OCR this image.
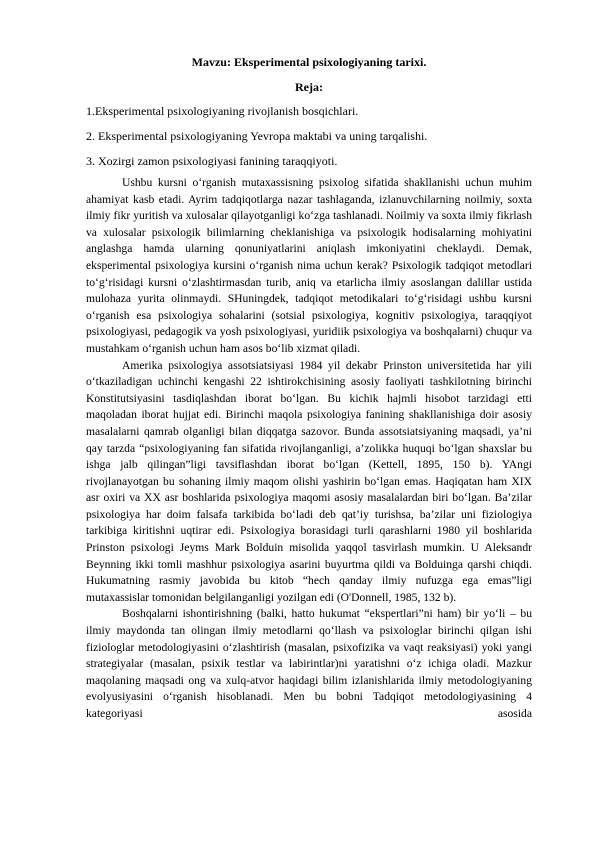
Mavzu: Eksperimental psixologiyaning tarixi.
Reja:
1.Eksperimental psixologiyaning rivojlanish bosqichlari.
2. Eksperimental psixologiyaning Yevropa maktabi va uning tarqalishi.
3. Xozirgi zamon psixologiyasi fanining taraqqiyoti.

Ushbu kursni o‘rganish mutaxassisning psixolog sifatida shakllanishi uchun muhim ahamiyat kasb etadi. Ayrim tadqiqotlarga nazar tashlaganda, izlanuvchilarning noilmiy, soxta ilmiy fikr yuritish va xulosalar qilayotganligi ko‘zga tashlanadi. Noilmiy va soxta ilmiy fikrlash va xulosalar psixologik bilimlarning cheklanishiga va psixologik hodisalarning mohiyatini anglashga hamda ularning qonuniyatlarini aniqlash imkoniyatini cheklaydi. Demak, eksperimental psixologiya kursini o‘rganish nima uchun kerak? Psixologik tadqiqot metodlari to‘g‘risidagi kursni o‘zlashtirmasdan turib, aniq va etarlicha ilmiy asoslangan dalillar ustida mulohaza yurita olinmaydi. SHuningdek, tadqiqot metodikalari to‘g‘risidagi ushbu kursni o‘rganish esa psixologiya sohalarini (sotsial psixologiya, kognitiv psixologiya, taraqqiyot psixologiyasi, pedagogik va yosh psixologiyasi, yuridiik psixologiya va boshqalarni) chuqur va mustahkam o‘rganish uchun ham asos bo‘lib xizmat qiladi.

Amerika psixologiya assotsiatsiyasi 1984 yil dekabr Prinston universitetida har yili o‘tkaziladigan uchinchi kengashi 22 ishtirokchisining asosiy faoliyati tashkilotning birinchi Konstitutsiyasini tasdiqlashdan iborat bo‘lgan. Bu kichik hajmli hisobot tarzidagi etti maqoladan iborat hujjat edi. Birinchi maqola psixologiya fanining shakllanishiga doir asosiy masalalarni qamrab olganligi bilan diqqatga sazovor. Bunda assotsiatsiyaning maqsadi, ya’ni qay tarzda “psixologiyaning fan sifatida rivojlanganligi, a’zolikka huquqi bo‘lgan shaxslar bu ishga jalb qilingan”ligi tavsiflashdan iborat bo‘lgan (Kettell, 1895, 150 b). YAngi rivojlanayotgan bu sohaning ilmiy maqom olishi yashirin bo‘lgan emas. Haqiqatan ham XIX asr oxiri va XX asr boshlarida psixologiya maqomi asosiy masalalardan biri bo‘lgan. Ba’zilar psixologiya har doim falsafa tarkibida bo‘ladi deb qat’iy turishsa, ba’zilar uni fiziologiya tarkibiga kiritishni uqtirar edi. Psixologiya borasidagi turli qarashlarni 1980 yil boshlarida Prinston psixologi Jeyms Mark Bolduin misolida yaqqol tasvirlash mumkin. U Aleksandr Beynning ikki tomli mashhur psixologiya asarini buyurtma qildi va Bolduinga qarshi chiqdi. Hukumatning rasmiy javobida bu kitob “hech qanday ilmiy nufuzga ega emas”ligi mutaxassislar tomonidan belgilanganligi yozilgan edi (O'Donnell, 1985, 132 b).

Boshqalarni ishontirishning (balki, hatto hukumat “ekspertlari”ni ham) bir yo‘li – bu ilmiy maydonda tan olingan ilmiy metodlarni qo‘llash va psixologlar birinchi qilgan ishi fiziologlar metodologiyasini o‘zlashtirish (masalan, psixofizika va vaqt reaksiyasi) yoki yangi strategiyalar (masalan, psixik testlar va labirintlar)ni yaratishni o‘z ichiga oladi. Mazkur maqolaning maqsadi ong va xulq-atvor haqidagi bilim izlanishlarida ilmiy metodologiyaning evolyusiyasini o‘rganish hisoblanadi. Men bu bobni Tadqiqot metodologiyasining 4 kategoriyasi asosida
